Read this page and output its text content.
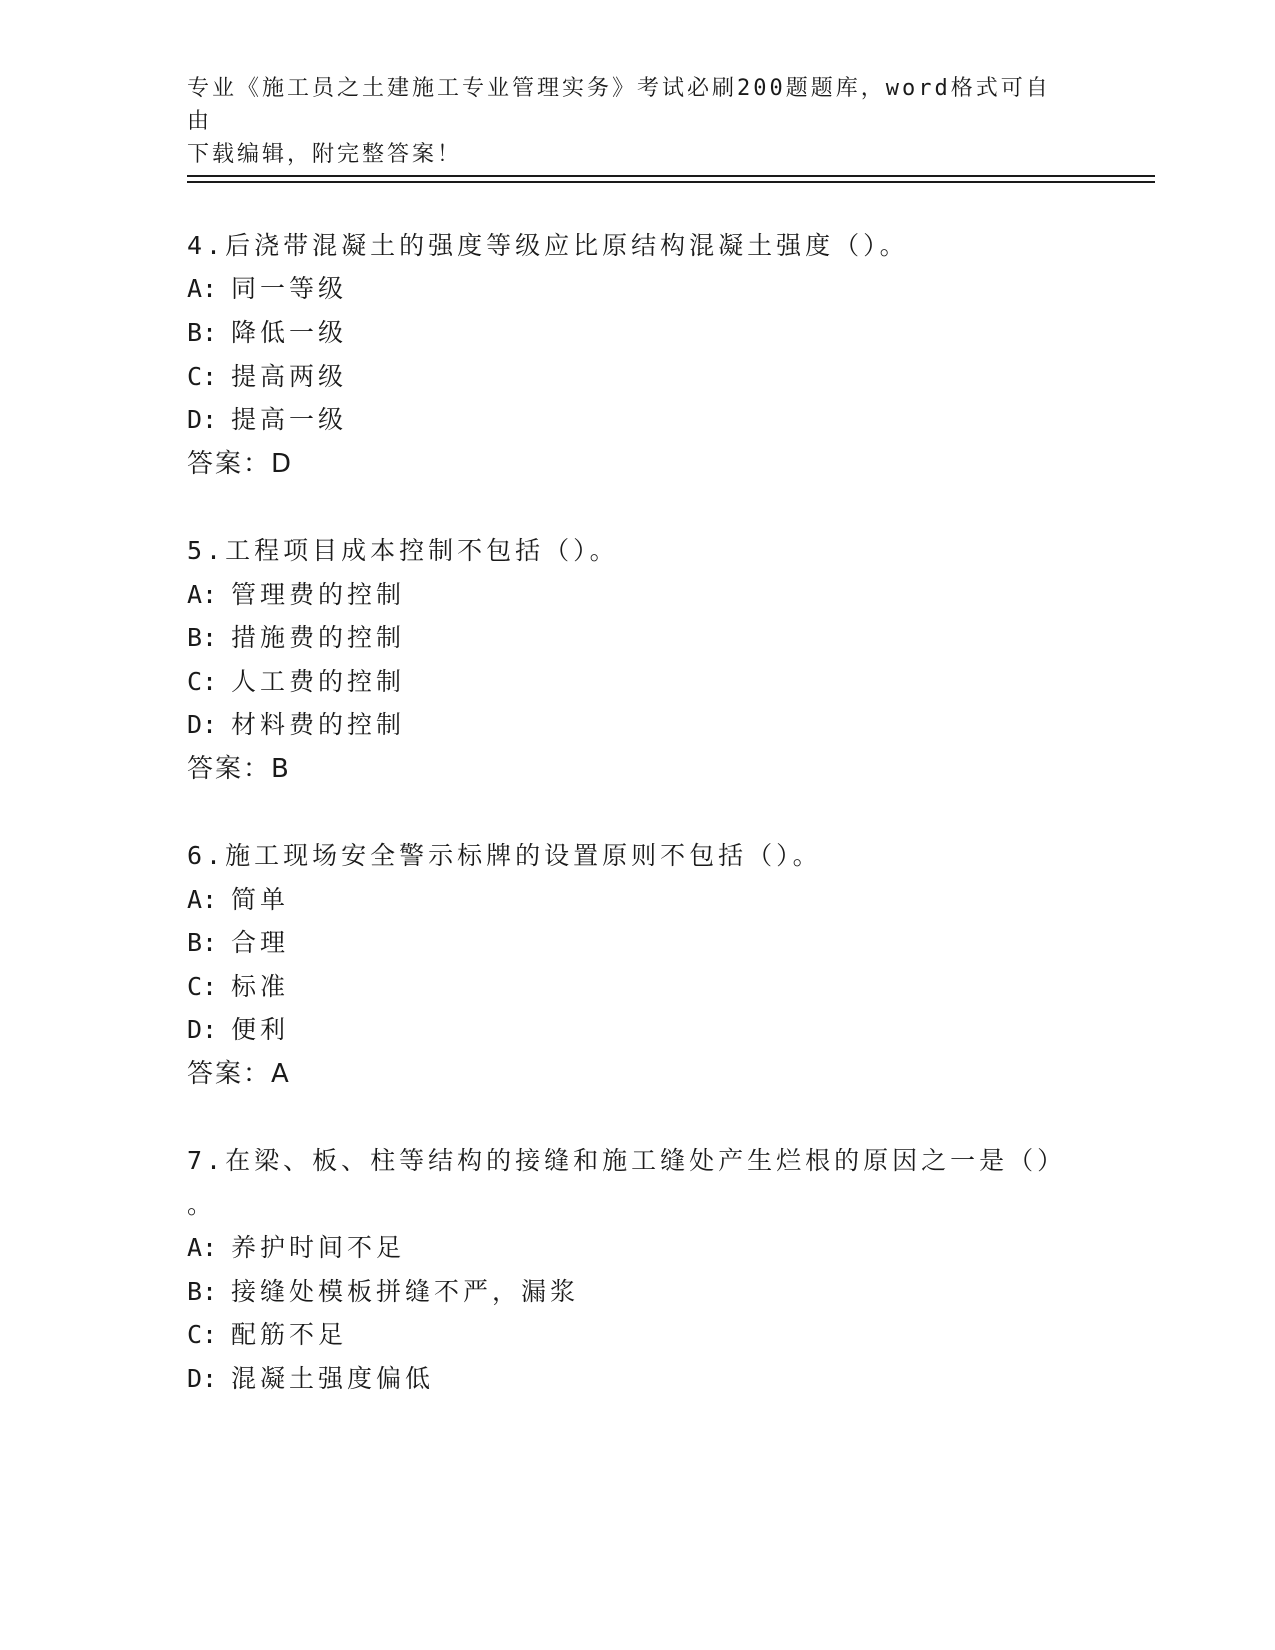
专业《施工员之土建施工专业管理实务》考试必刷200题题库，word格式可自由
下载编辑，附完整答案！
4.后浇带混凝土的强度等级应比原结构混凝土强度（）。
A: 同一等级
B: 降低一级
C: 提高两级
D: 提高一级
答案：D
5.工程项目成本控制不包括（）。
A: 管理费的控制
B: 措施费的控制
C: 人工费的控制
D: 材料费的控制
答案：B
6.施工现场安全警示标牌的设置原则不包括（）。
A: 简单
B: 合理
C: 标准
D: 便利
答案：A
7.在梁、板、柱等结构的接缝和施工缝处产生烂根的原因之一是（）
。
A: 养护时间不足
B: 接缝处模板拼缝不严，漏浆
C: 配筋不足
D: 混凝土强度偏低
